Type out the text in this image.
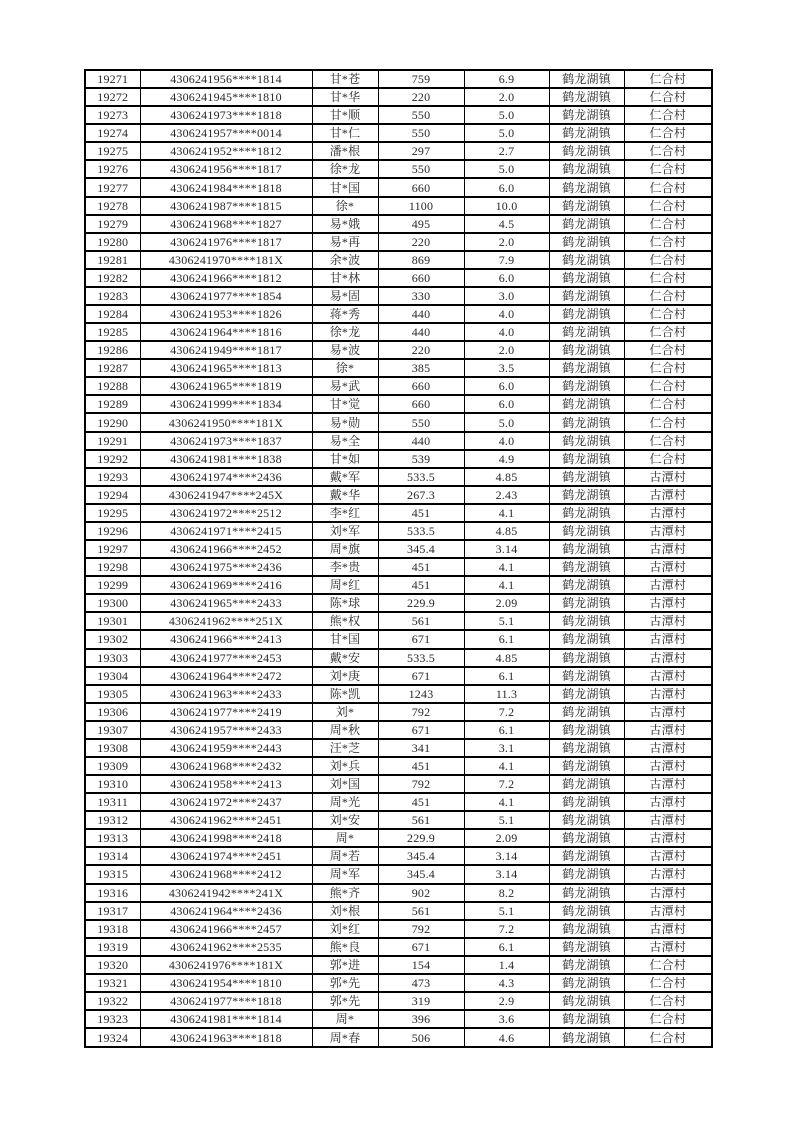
19271	4306241956****1814	甘*苍	759	6.9	鹤龙湖镇	仁合村
19272	4306241945****1810	甘*华	220	2.0	鹤龙湖镇	仁合村
19273	4306241973****1818	甘*顺	550	5.0	鹤龙湖镇	仁合村
19274	4306241957****0014	甘*仁	550	5.0	鹤龙湖镇	仁合村
19275	4306241952****1812	潘*根	297	2.7	鹤龙湖镇	仁合村
19276	4306241956****1817	徐*龙	550	5.0	鹤龙湖镇	仁合村
19277	4306241984****1818	甘*国	660	6.0	鹤龙湖镇	仁合村
19278	4306241987****1815	徐*	1100	10.0	鹤龙湖镇	仁合村
19279	4306241968****1827	易*娥	495	4.5	鹤龙湖镇	仁合村
19280	4306241976****1817	易*再	220	2.0	鹤龙湖镇	仁合村
19281	4306241970****181X	余*波	869	7.9	鹤龙湖镇	仁合村
19282	4306241966****1812	甘*林	660	6.0	鹤龙湖镇	仁合村
19283	4306241977****1854	易*固	330	3.0	鹤龙湖镇	仁合村
19284	4306241953****1826	蒋*秀	440	4.0	鹤龙湖镇	仁合村
19285	4306241964****1816	徐*龙	440	4.0	鹤龙湖镇	仁合村
19286	4306241949****1817	易*波	220	2.0	鹤龙湖镇	仁合村
19287	4306241965****1813	徐*	385	3.5	鹤龙湖镇	仁合村
19288	4306241965****1819	易*武	660	6.0	鹤龙湖镇	仁合村
19289	4306241999****1834	甘*觉	660	6.0	鹤龙湖镇	仁合村
19290	4306241950****181X	易*勋	550	5.0	鹤龙湖镇	仁合村
19291	4306241973****1837	易*全	440	4.0	鹤龙湖镇	仁合村
19292	4306241981****1838	甘*如	539	4.9	鹤龙湖镇	仁合村
19293	4306241974****2436	戴*军	533.5	4.85	鹤龙湖镇	古潭村
19294	4306241947****245X	戴*华	267.3	2.43	鹤龙湖镇	古潭村
19295	4306241972****2512	李*红	451	4.1	鹤龙湖镇	古潭村
19296	4306241971****2415	刘*军	533.5	4.85	鹤龙湖镇	古潭村
19297	4306241966****2452	周*旗	345.4	3.14	鹤龙湖镇	古潭村
19298	4306241975****2436	李*贵	451	4.1	鹤龙湖镇	古潭村
19299	4306241969****2416	周*红	451	4.1	鹤龙湖镇	古潭村
19300	4306241965****2433	陈*球	229.9	2.09	鹤龙湖镇	古潭村
19301	4306241962****251X	熊*权	561	5.1	鹤龙湖镇	古潭村
19302	4306241966****2413	甘*国	671	6.1	鹤龙湖镇	古潭村
19303	4306241977****2453	戴*安	533.5	4.85	鹤龙湖镇	古潭村
19304	4306241964****2472	刘*庚	671	6.1	鹤龙湖镇	古潭村
19305	4306241963****2433	陈*凯	1243	11.3	鹤龙湖镇	古潭村
19306	4306241977****2419	刘*	792	7.2	鹤龙湖镇	古潭村
19307	4306241957****2433	周*秋	671	6.1	鹤龙湖镇	古潭村
19308	4306241959****2443	汪*芝	341	3.1	鹤龙湖镇	古潭村
19309	4306241968****2432	刘*兵	451	4.1	鹤龙湖镇	古潭村
19310	4306241958****2413	刘*国	792	7.2	鹤龙湖镇	古潭村
19311	4306241972****2437	周*光	451	4.1	鹤龙湖镇	古潭村
19312	4306241962****2451	刘*安	561	5.1	鹤龙湖镇	古潭村
19313	4306241998****2418	周*	229.9	2.09	鹤龙湖镇	古潭村
19314	4306241974****2451	周*若	345.4	3.14	鹤龙湖镇	古潭村
19315	4306241968****2412	周*军	345.4	3.14	鹤龙湖镇	古潭村
19316	4306241942****241X	熊*齐	902	8.2	鹤龙湖镇	古潭村
19317	4306241964****2436	刘*根	561	5.1	鹤龙湖镇	古潭村
19318	4306241966****2457	刘*红	792	7.2	鹤龙湖镇	古潭村
19319	4306241962****2535	熊*良	671	6.1	鹤龙湖镇	古潭村
19320	4306241976****181X	郭*进	154	1.4	鹤龙湖镇	仁合村
19321	4306241954****1810	郭*先	473	4.3	鹤龙湖镇	仁合村
19322	4306241977****1818	郭*先	319	2.9	鹤龙湖镇	仁合村
19323	4306241981****1814	周*	396	3.6	鹤龙湖镇	仁合村
19324	4306241963****1818	周*春	506	4.6	鹤龙湖镇	仁合村
